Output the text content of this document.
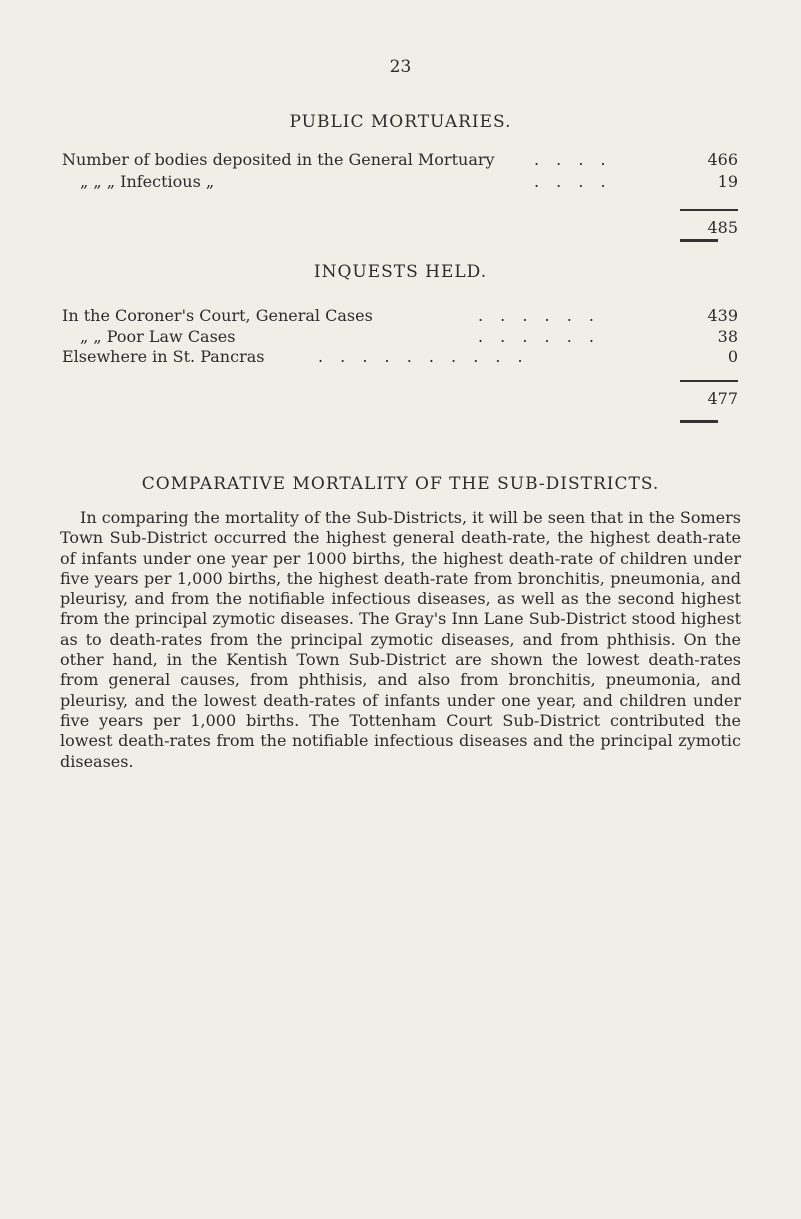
23
PUBLIC MORTUARIES.
Number of bodies deposited in the General Mortuary . . . .	466
„ „ „ Infectious „	. . . .	19
485
INQUESTS HELD.
In the Coroner's Court, General Cases	. . . . . .	439
„ „ Poor Law Cases	. . . . . .	38
Elsewhere in St. Pancras	. . . . . . . . . .	0
477
COMPARATIVE MORTALITY OF THE SUB-DISTRICTS.

In comparing the mortality of the Sub-Districts, it will be seen that in the Somers Town Sub-District occurred the highest general death-rate, the highest death-rate of infants under one year per 1000 births, the highest death-rate of children under five years per 1,000 births, the highest death-rate from bronchitis, pneumonia, and pleurisy, and from the notifiable infectious diseases, as well as the second highest from the principal zymotic diseases. The Gray's Inn Lane Sub-District stood highest as to death-rates from the principal zymotic diseases, and from phthisis. On the other hand, in the Kentish Town Sub-District are shown the lowest death-rates from general causes, from phthisis, and also from bronchitis, pneumonia, and pleurisy, and the lowest death-rates of infants under one year, and children under five years per 1,000 births. The Tottenham Court Sub-District contributed the lowest death-rates from the notifiable infectious diseases and the principal zymotic diseases.
